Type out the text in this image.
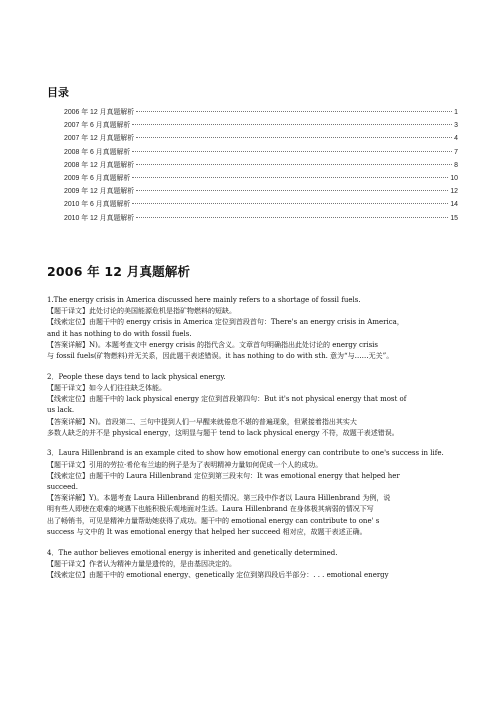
目录
2006 年 12 月真题解析	1
2007 年 6 月真题解析	3
2007 年 12 月真题解析	4
2008 年 6 月真题解析	7
2008 年 12 月真题解析	8
2009 年 6 月真题解析	10
2009 年 12 月真题解析	12
2010 年 6 月真题解析	14
2010 年 12 月真题解析	15
2006 年 12 月真题解析

1.The energy crisis in America discussed here mainly refers to a shortage of fossil fuels.

【题干译文】此处讨论的美国能源危机是指矿物燃料的短缺。

【线索定位】由题干中的 energy crisis in America 定位到首段首句：There's an energy crisis in America，

and it has nothing to do with fossil fuels.

【答案详解】N)。本题考查文中 energy crisis 的指代含义。文章首句明确指出此处讨论的 energy crisis

与 fossil fuels(矿物燃料)并无关系，因此题干表述错误。it has nothing to do with sth. 意为“与……无关”。

2．People these days tend to lack physical energy.

【题干译文】如今人们往往缺乏体能。

【线索定位】由题干中的 lack physical energy 定位到首段第四句：But it's not physical energy that most of

us lack.

【答案详解】N)。首段第二、三句中提到人们一早醒来就倦怠不堪的普遍现象，但紧接着指出其实大

多数人缺乏的并不是 physical energy，这明显与题干 tend to lack physical energy 不符，故题干表述错误。

3．Laura Hillenbrand is an example cited to show how emotional energy can contribute to one's success in life.

【题干译文】引用的劳拉·希伦布兰迪的例子是为了表明精神力量如何促成一个人的成功。

【线索定位】由题干中的 Laura Hillenbrand 定位到第三段末句：It was emotional energy that helped her

succeed.

【答案详解】Y)。本题考查 Laura Hillenbrand 的相关情况。第三段中作者以 Laura Hillenbrand 为例，说

明有些人即使在艰难的境遇下也能积极乐观地面对生活。Laura Hillenbrand 在身体极其病弱的情况下写

出了畅销书，可见是精神力量帮助她获得了成功。题干中的 emotional energy can contribute to one' s

success 与文中的 It was emotional energy that helped her succeed 相对应，故题干表述正确。

4．The author believes emotional energy is inherited and genetically determined.

【题干译文】作者认为精神力量是遗传的，是由基因决定的。

【线索定位】由题干中的 emotional energy、genetically 定位到第四段后半部分：. . . emotional energy
